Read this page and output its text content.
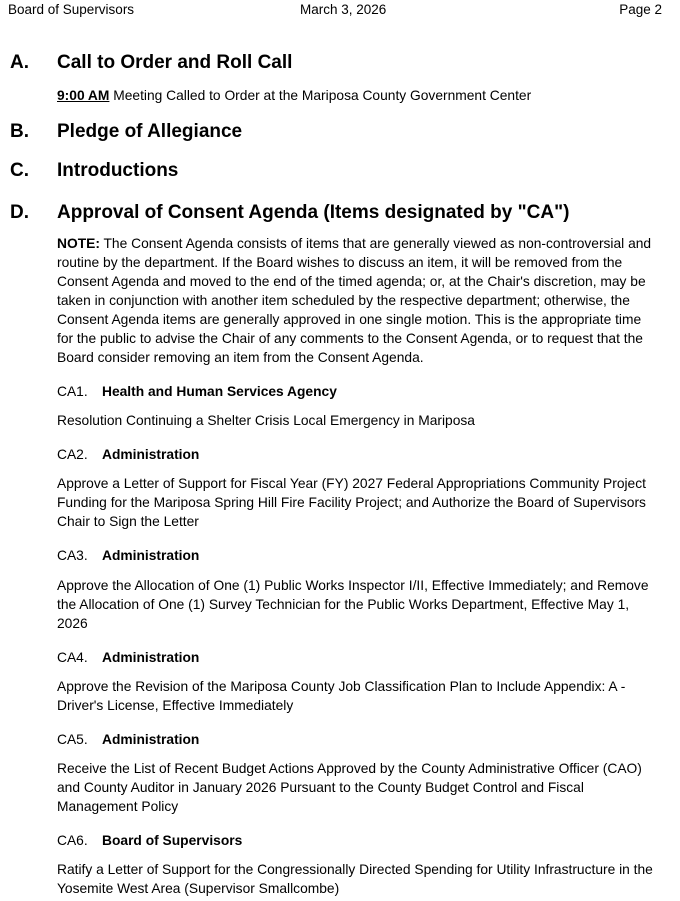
Board of Supervisors	March 3, 2026	Page 2
A. Call to Order and Roll Call
9:00 AM Meeting Called to Order at the Mariposa County Government Center
B. Pledge of Allegiance
C. Introductions
D. Approval of Consent Agenda (Items designated by "CA")
NOTE: The Consent Agenda consists of items that are generally viewed as non-controversial and routine by the department. If the Board wishes to discuss an item, it will be removed from the Consent Agenda and moved to the end of the timed agenda; or, at the Chair's discretion, may be taken in conjunction with another item scheduled by the respective department; otherwise, the Consent Agenda items are generally approved in one single motion. This is the appropriate time for the public to advise the Chair of any comments to the Consent Agenda, or to request that the Board consider removing an item from the Consent Agenda.
CA1. Health and Human Services Agency
Resolution Continuing a Shelter Crisis Local Emergency in Mariposa
CA2. Administration
Approve a Letter of Support for Fiscal Year (FY) 2027 Federal Appropriations Community Project Funding for the Mariposa Spring Hill Fire Facility Project; and Authorize the Board of Supervisors Chair to Sign the Letter
CA3. Administration
Approve the Allocation of One (1) Public Works Inspector I/II, Effective Immediately; and Remove the Allocation of One (1) Survey Technician for the Public Works Department, Effective May 1, 2026
CA4. Administration
Approve the Revision of the Mariposa County Job Classification Plan to Include Appendix: A - Driver's License, Effective Immediately
CA5. Administration
Receive the List of Recent Budget Actions Approved by the County Administrative Officer (CAO) and County Auditor in January 2026 Pursuant to the County Budget Control and Fiscal Management Policy
CA6. Board of Supervisors
Ratify a Letter of Support for the Congressionally Directed Spending for Utility Infrastructure in the Yosemite West Area (Supervisor Smallcombe)
